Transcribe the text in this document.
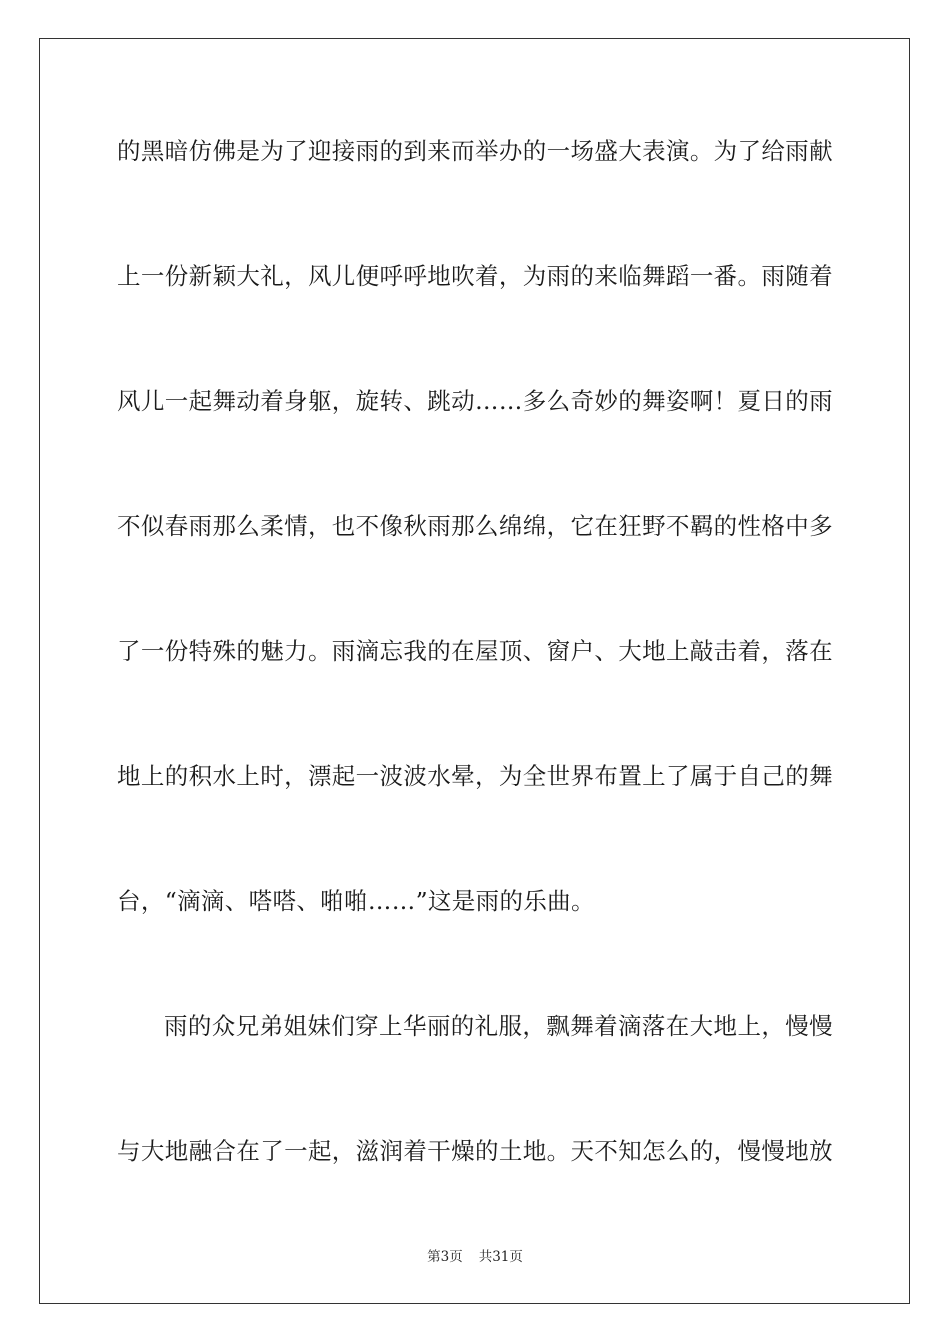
的黑暗仿佛是为了迎接雨的到来而举办的一场盛大表演。为了给雨献
上一份新颖大礼，风儿便呼呼地吹着，为雨的来临舞蹈一番。雨随着
风儿一起舞动着身躯，旋转、跳动……多么奇妙的舞姿啊！夏日的雨
不似春雨那么柔情，也不像秋雨那么绵绵，它在狂野不羁的性格中多
了一份特殊的魅力。雨滴忘我的在屋顶、窗户、大地上敲击着，落在
地上的积水上时，漂起一波波水晕，为全世界布置上了属于自己的舞
台，“滴滴、嗒嗒、啪啪……”这是雨的乐曲。
雨的众兄弟姐妹们穿上华丽的礼服，飘舞着滴落在大地上，慢慢
与大地融合在了一起，滋润着干燥的土地。天不知怎么的，慢慢地放
第3页 共31页
